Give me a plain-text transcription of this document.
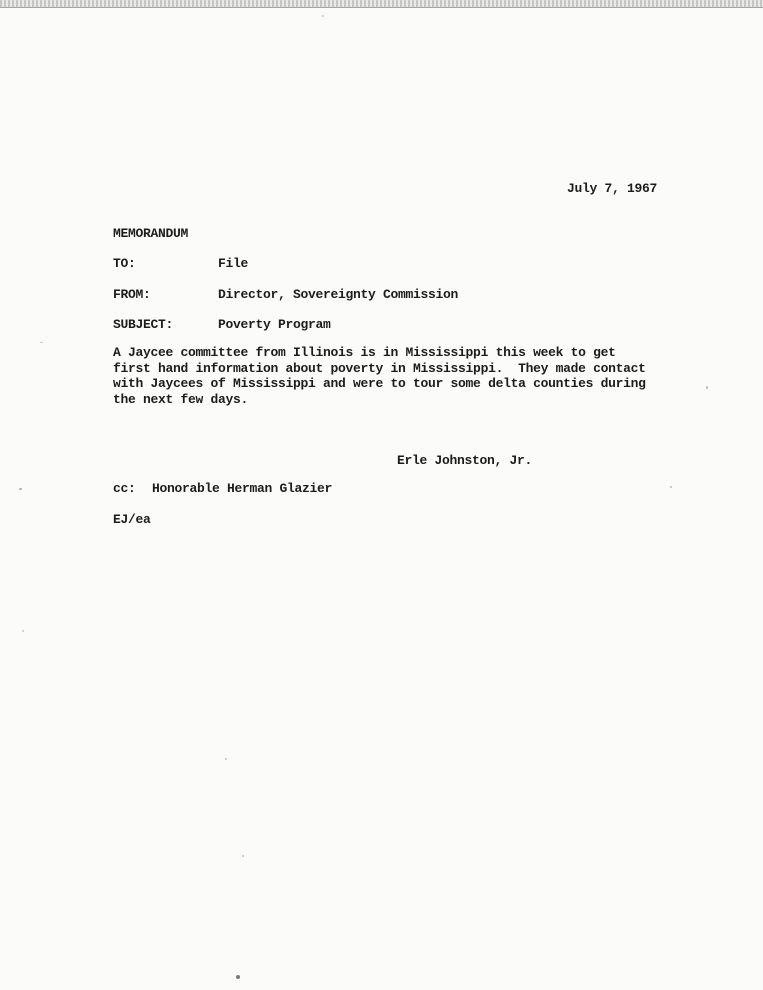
July 7, 1967
MEMORANDUM
TO:	File
FROM:	Director, Sovereignty Commission
SUBJECT:	Poverty Program
A Jaycee committee from Illinois is in Mississippi this week to get
first hand information about poverty in Mississippi.  They made contact
with Jaycees of Mississippi and were to tour some delta counties during
the next few days.
Erle Johnston, Jr.
cc: Honorable Herman Glazier
EJ/ea
